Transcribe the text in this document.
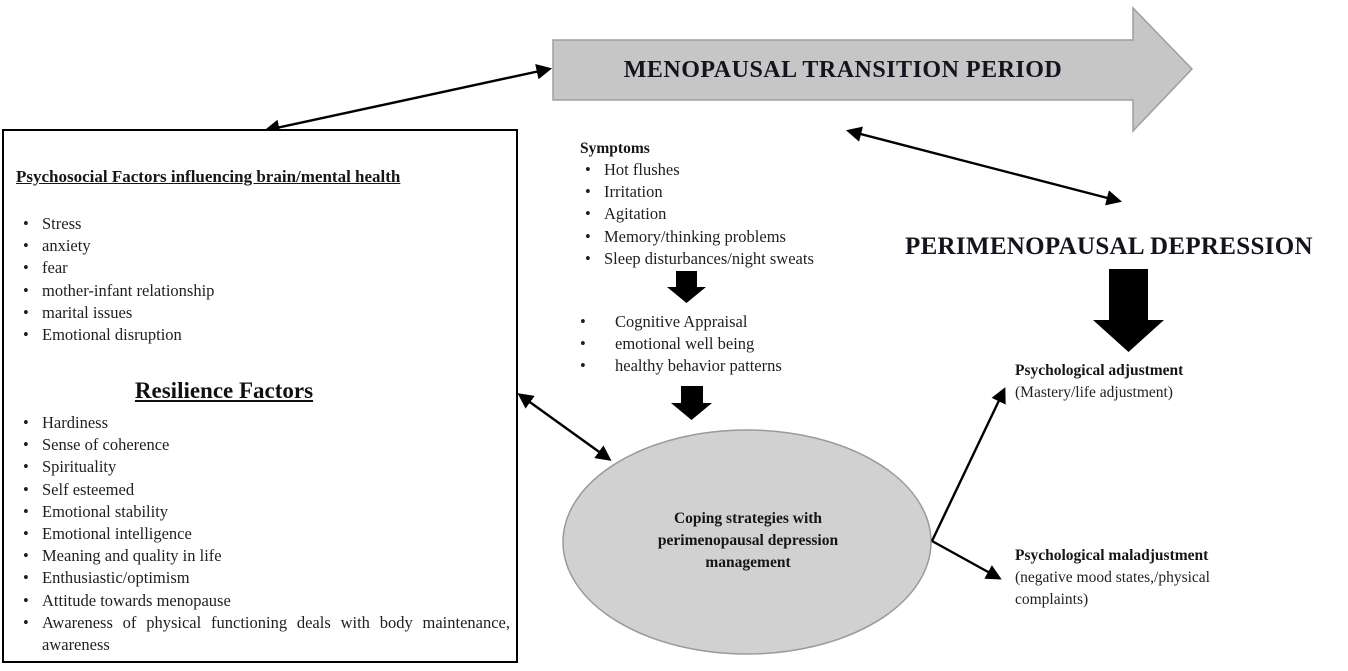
MENOPAUSAL TRANSITION PERIOD
Psychosocial Factors influencing brain/mental health
• Stress
• anxiety
• fear
• mother-infant relationship
• marital issues
• Emotional disruption
Resilience Factors
• Hardiness
• Sense of coherence
• Spirituality
• Self esteemed
• Emotional stability
• Emotional intelligence
• Meaning and quality in life
• Enthusiastic/optimism
• Attitude towards menopause
• Awareness of physical functioning deals with body maintenance, awareness
Symptoms
• Hot flushes
• Irritation
• Agitation
• Memory/thinking problems
• Sleep disturbances/night sweats
• Cognitive Appraisal
• emotional well being
• healthy behavior patterns
Coping strategies with perimenopausal depression management
PERIMENOPAUSAL DEPRESSION
Psychological adjustment
(Mastery/life adjustment)
Psychological maladjustment
(negative mood states,/physical complaints)
